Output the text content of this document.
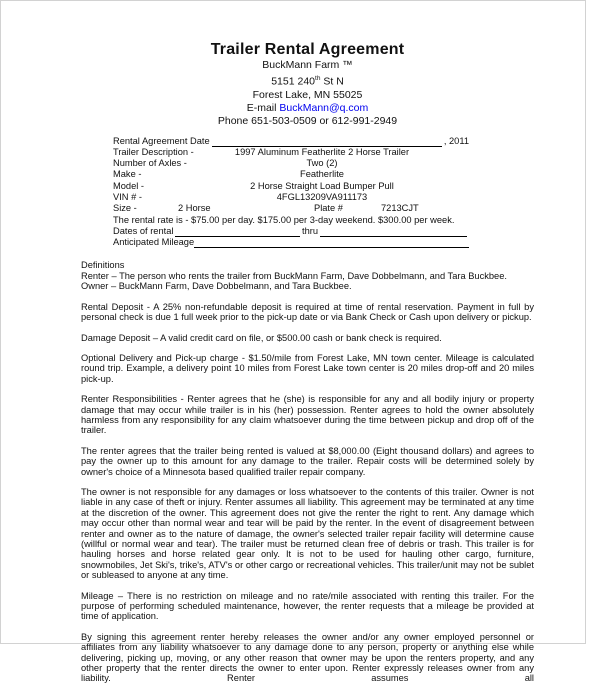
Trailer Rental Agreement
BuckMann Farm ™
5151 240th St N
Forest Lake, MN 55025
E-mail BuckMann@q.com
Phone 651-503-0509 or 612-991-2949
Rental Agreement Date	, 2011
Trailer Description -	1997 Aluminum Featherlite 2 Horse Trailer
Number of Axles -	Two (2)
Make -	Featherlite
Model -	2 Horse Straight Load Bumper Pull
VIN # -	4FGL13209VA911173
Size -	2 Horse	Plate #	7213CJT
The rental rate is - $75.00 per day. $175.00 per 3-day weekend. $300.00 per week.
Dates of rental	thru
Anticipated Mileage

Definitions

Renter – The person who rents the trailer from BuckMann Farm, Dave Dobbelmann, and Tara Buckbee.

Owner – BuckMann Farm, Dave Dobbelmann, and Tara Buckbee.

Rental Deposit - A 25% non-refundable deposit is required at time of rental reservation. Payment in full by personal check is due 1 full week prior to the pick-up date or via Bank Check or Cash upon delivery or pickup.

Damage Deposit – A valid credit card on file, or $500.00 cash or bank check is required.

Optional Delivery and Pick-up charge - $1.50/mile from Forest Lake, MN town center. Mileage is calculated round trip. Example, a delivery point 10 miles from Forest Lake town center is 20 miles drop-off and 20 miles pick-up.

Renter Responsibilities - Renter agrees that he (she) is responsible for any and all bodily injury or property damage that may occur while trailer is in his (her) possession. Renter agrees to hold the owner absolutely harmless from any responsibility for any claim whatsoever during the time between pickup and drop off of the trailer.

The renter agrees that the trailer being rented is valued at $8,000.00 (Eight thousand dollars) and agrees to pay the owner up to this amount for any damage to the trailer. Repair costs will be determined solely by owner's choice of a Minnesota based qualified trailer repair company.

The owner is not responsible for any damages or loss whatsoever to the contents of this trailer. Owner is not liable in any case of theft or injury. Renter assumes all liability. This agreement may be terminated at any time at the discretion of the owner. This agreement does not give the renter the right to rent. Any damage which may occur other than normal wear and tear will be paid by the renter. In the event of disagreement between renter and owner as to the nature of damage, the owner's selected trailer repair facility will determine cause (willful or normal wear and tear). The trailer must be returned clean free of debris or trash. This trailer is for hauling horses and horse related gear only. It is not to be used for hauling other cargo, furniture, snowmobiles, Jet Ski's, trike's, ATV's or other cargo or recreational vehicles. This trailer/unit may not be sublet or subleased to anyone at any time.

Mileage – There is no restriction on mileage and no rate/mile associated with renting this trailer. For the purpose of performing scheduled maintenance, however, the renter requests that a mileage be provided at time of application.

By signing this agreement renter hereby releases the owner and/or any owner employed personnel or affiliates from any liability whatsoever to any damage done to any person, property or anything else while delivering, picking up, moving, or any other reason that owner may be upon the renters property, and any other property that the renter directs the owner to enter upon. Renter expressly releases owner from any liability. Renter assumes all
